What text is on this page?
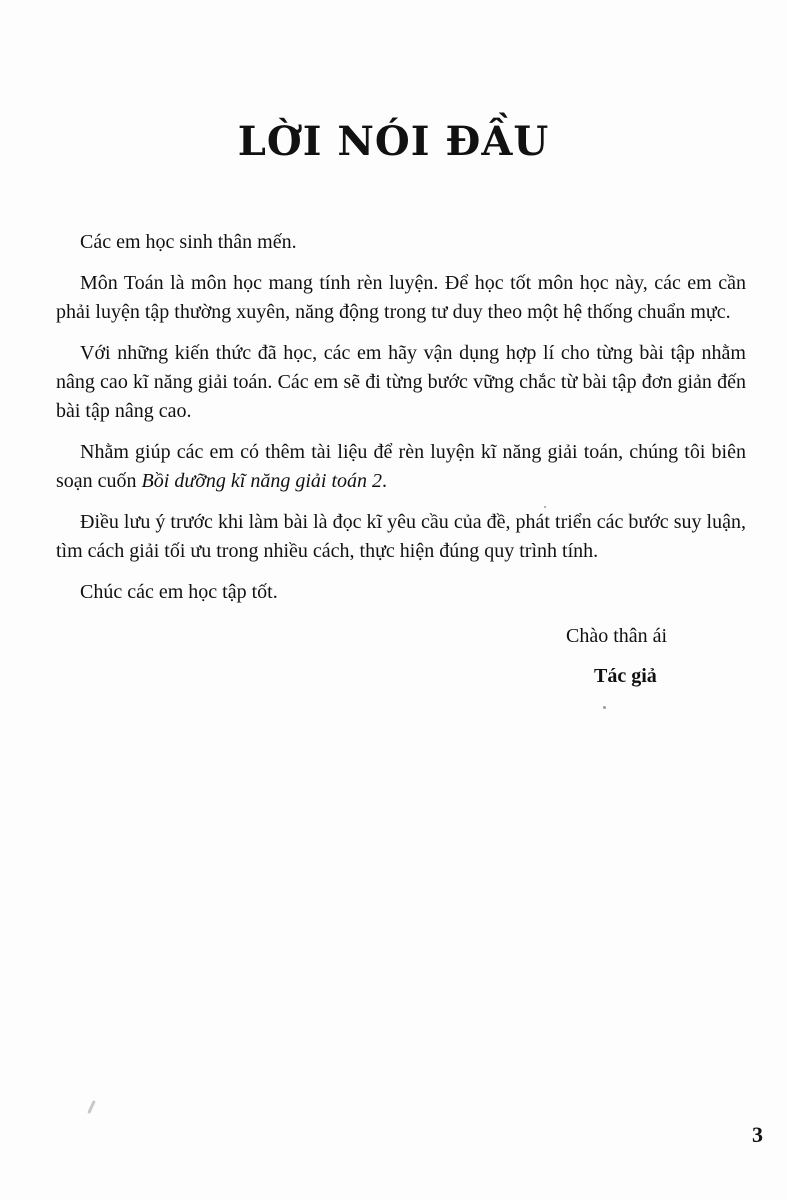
LỜI NÓI ĐẦU

Các em học sinh thân mến.

Môn Toán là môn học mang tính rèn luyện. Để học tốt môn học này, các em cần phải luyện tập thường xuyên, năng động trong tư duy theo một hệ thống chuẩn mực.

Với những kiến thức đã học, các em hãy vận dụng hợp lí cho từng bài tập nhằm nâng cao kĩ năng giải toán. Các em sẽ đi từng bước vững chắc từ bài tập đơn giản đến bài tập nâng cao.

Nhằm giúp các em có thêm tài liệu để rèn luyện kĩ năng giải toán, chúng tôi biên soạn cuốn Bồi dưỡng kĩ năng giải toán 2.

Điều lưu ý trước khi làm bài là đọc kĩ yêu cầu của đề, phát triển các bước suy luận, tìm cách giải tối ưu trong nhiều cách, thực hiện đúng quy trình tính.

Chúc các em học tập tốt.

Chào thân ái
Tác giả
3
